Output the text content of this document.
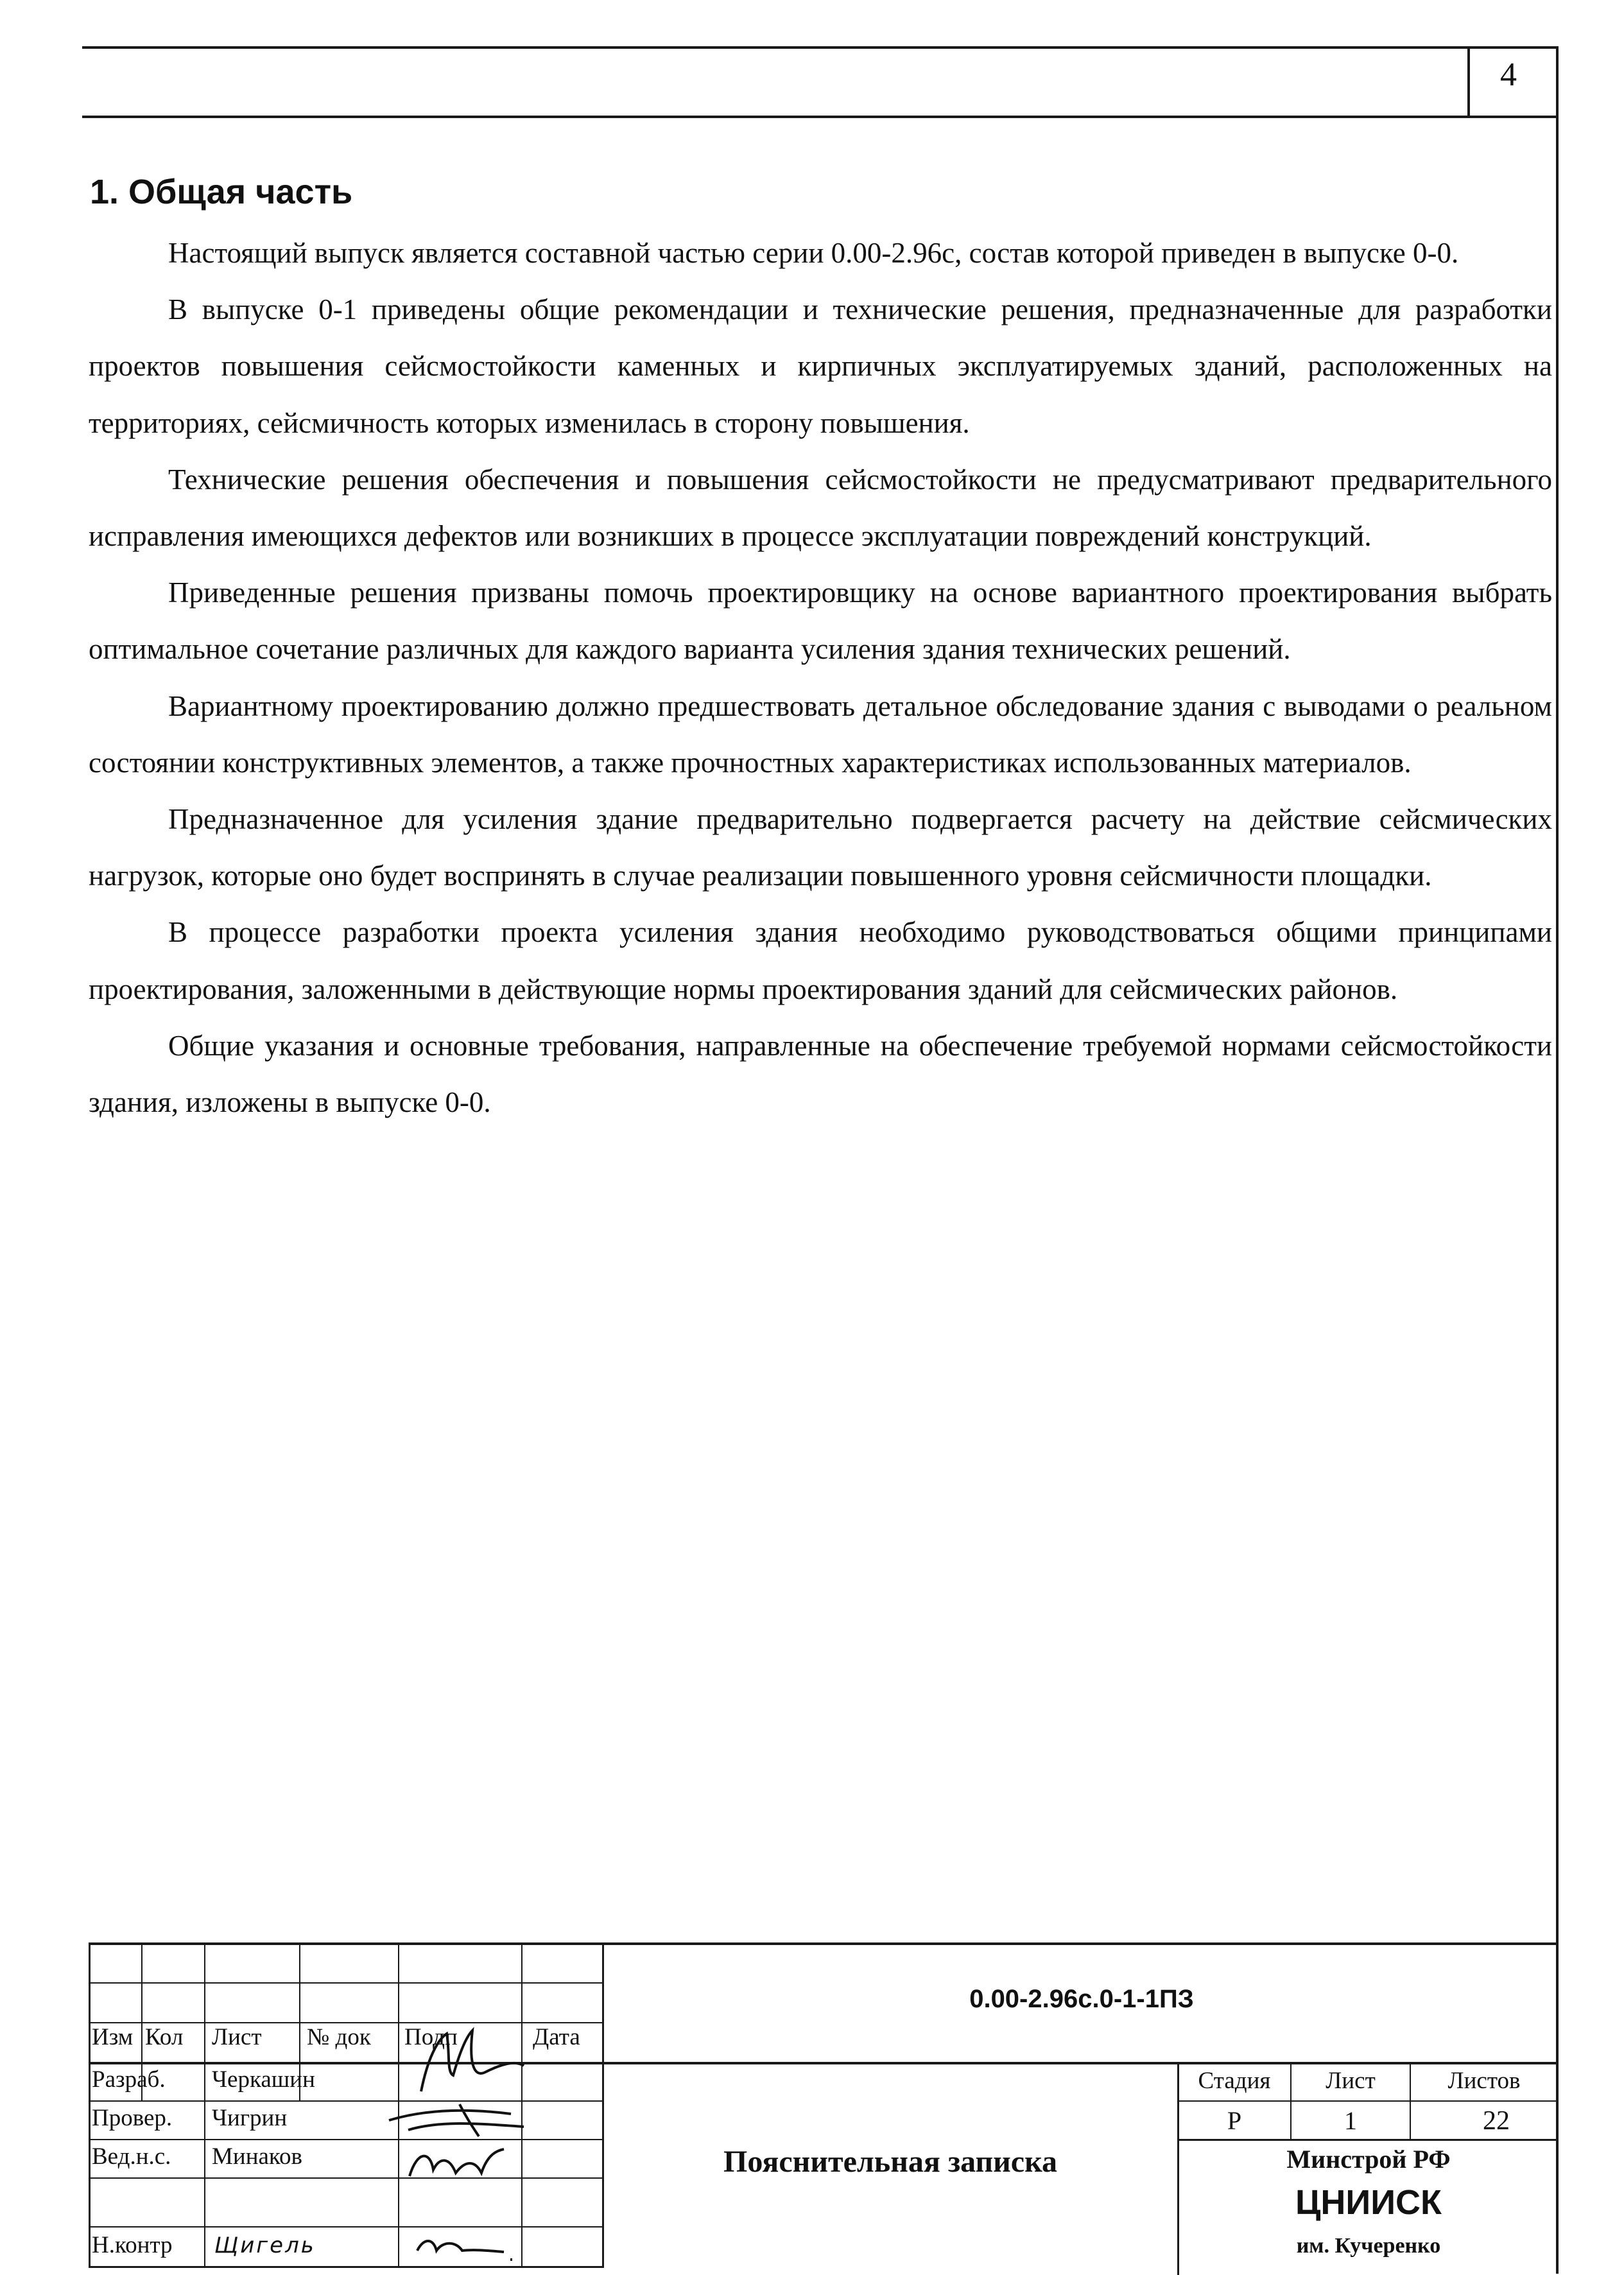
4
1. Общая часть

Настоящий выпуск является составной частью серии 0.00-2.96с, состав которой приведен в выпуске 0-0.

В выпуске 0-1 приведены общие рекомендации и технические решения, предназначенные для разработки проектов повышения сейсмостойкости каменных и кирпичных эксплуатируемых зданий, расположенных на территориях, сейсмичность которых изменилась в сторону повышения.

Технические решения обеспечения и повышения сейсмостойкости не предусматривают предварительного исправления имеющихся дефектов или возникших в процессе эксплуатации повреждений конструкций.

Приведенные решения призваны помочь проектировщику на основе вариантного проектирования выбрать оптимальное сочетание различных для каждого варианта усиления здания технических решений.

Вариантному проектированию должно предшествовать детальное обследование здания с выводами о реальном состоянии конструктивных элементов, а также прочностных характеристиках использованных материалов.

Предназначенное для усиления здание предварительно подвергается расчету на действие сейсмических нагрузок, которые оно будет воспринять в случае реализации повышенного уровня сейсмичности площадки.

В процессе разработки проекта усиления здания необходимо руководствоваться общими принципами проектирования, заложенными в действующие нормы проектирования зданий для сейсмических районов.

Общие указания и основные требования, направленные на обеспечение требуемой нормами сейсмостойкости здания, изложены в выпуске 0-0.

Изм Кол Лист № док Подп	Дата
Разраб. Черкашин
Провер. Чигрин
Вед.н.с. Минаков
Н.контр Щигель
0.00-2.96с.0-1-1ПЗ
Пояснительная записка
Стадия	Лист	Листов
Р	1	22
Минстрой РФ
ЦНИИСК
им. Кучеренко
